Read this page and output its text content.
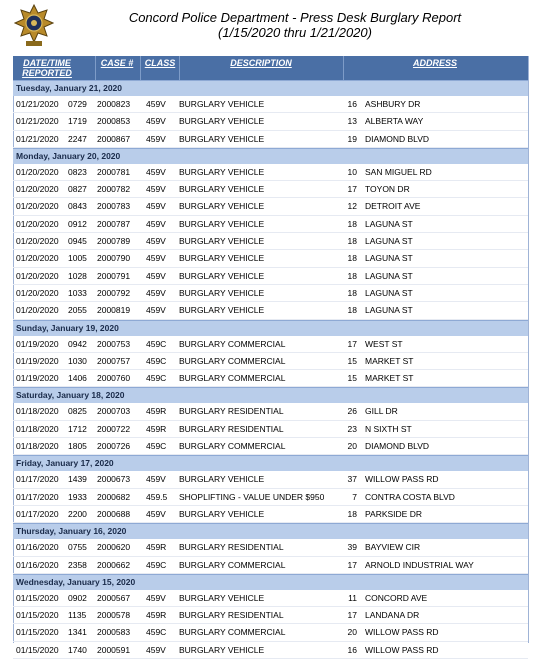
Concord Police Department - Press Desk Burglary Report
(1/15/2020 thru 1/21/2020)
DATE/TIME REPORTED
CASE #	CLASS	DESCRIPTION	ADDRESS
Tuesday, January 21, 2020
01/21/2020	0729	2000823	459V	BURGLARY VEHICLE	16 ASHBURY DR
01/21/2020	1719	2000853	459V	BURGLARY VEHICLE	13 ALBERTA WAY
01/21/2020	2247	2000867	459V	BURGLARY VEHICLE	19 DIAMOND BLVD
Monday, January 20, 2020
01/20/2020	0823	2000781	459V	BURGLARY VEHICLE	10 SAN MIGUEL RD
01/20/2020	0827	2000782	459V	BURGLARY VEHICLE	17 TOYON DR
01/20/2020	0843	2000783	459V	BURGLARY VEHICLE	12 DETROIT AVE
01/20/2020	0912	2000787	459V	BURGLARY VEHICLE	18 LAGUNA ST
01/20/2020	0945	2000789	459V	BURGLARY VEHICLE	18 LAGUNA ST
01/20/2020	1005	2000790	459V	BURGLARY VEHICLE	18 LAGUNA ST
01/20/2020	1028	2000791	459V	BURGLARY VEHICLE	18 LAGUNA ST
01/20/2020	1033	2000792	459V	BURGLARY VEHICLE	18 LAGUNA ST
01/20/2020	2055	2000819	459V	BURGLARY VEHICLE	18 LAGUNA ST
Sunday, January 19, 2020
01/19/2020	0942	2000753	459C	BURGLARY COMMERCIAL	17 WEST ST
01/19/2020	1030	2000757	459C	BURGLARY COMMERCIAL	15 MARKET ST
01/19/2020	1406	2000760	459C	BURGLARY COMMERCIAL	15 MARKET ST
Saturday, January 18, 2020
01/18/2020	0825	2000703	459R	BURGLARY RESIDENTIAL	26 GILL DR
01/18/2020	1712	2000722	459R	BURGLARY RESIDENTIAL	23 N SIXTH ST
01/18/2020	1805	2000726	459C	BURGLARY COMMERCIAL	20 DIAMOND BLVD
Friday, January 17, 2020
01/17/2020	1439	2000673	459V	BURGLARY VEHICLE	37 WILLOW PASS RD
01/17/2020	1933	2000682	459.5	SHOPLIFTING - VALUE UNDER $950	7 CONTRA COSTA BLVD
01/17/2020	2200	2000688	459V	BURGLARY VEHICLE	18 PARKSIDE DR
Thursday, January 16, 2020
01/16/2020	0755	2000620	459R	BURGLARY RESIDENTIAL	39 BAYVIEW CIR
01/16/2020	2358	2000662	459C	BURGLARY COMMERCIAL	17 ARNOLD INDUSTRIAL WAY
Wednesday, January 15, 2020
01/15/2020	0902	2000567	459V	BURGLARY VEHICLE	11 CONCORD AVE
01/15/2020	1135	2000578	459R	BURGLARY RESIDENTIAL	17 LANDANA DR
01/15/2020	1341	2000583	459C	BURGLARY COMMERCIAL	20 WILLOW PASS RD
01/15/2020	1740	2000591	459V	BURGLARY VEHICLE	16 WILLOW PASS RD
